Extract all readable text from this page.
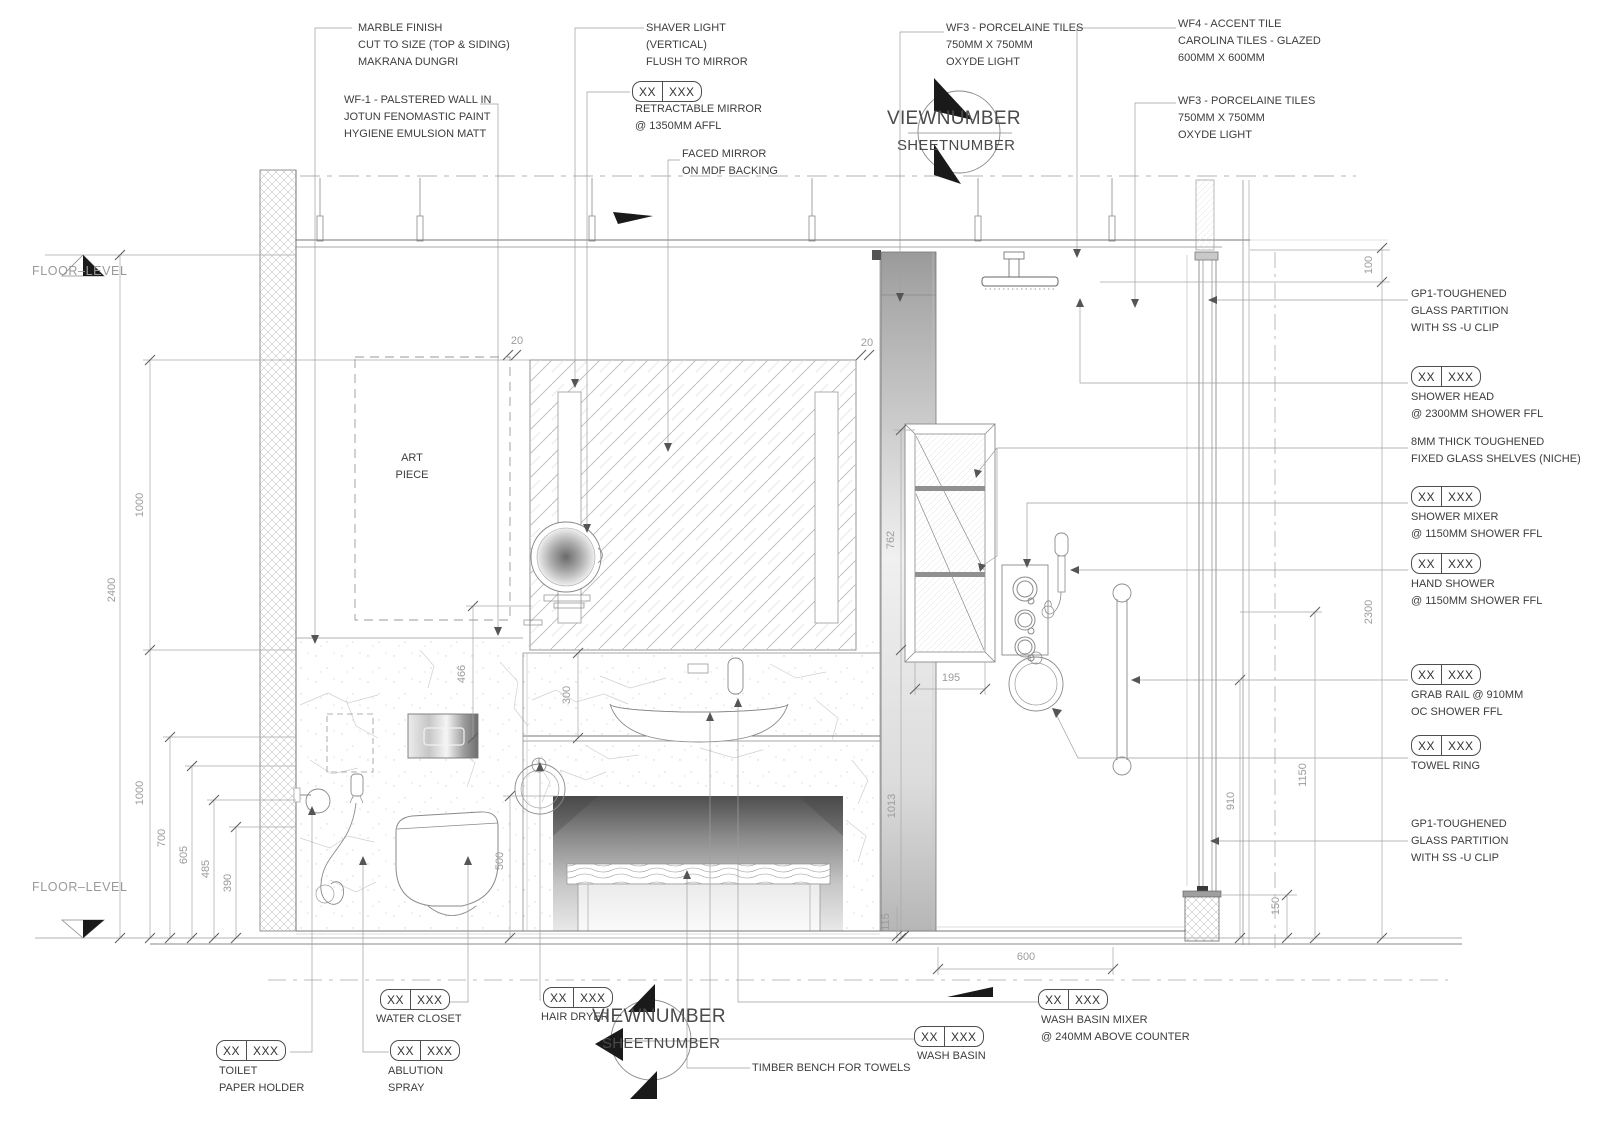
MARBLE FINISH
CUT TO SIZE (TOP & SIDING)
MAKRANA DUNGRI
WF-1 - PALSTERED WALL IN
JOTUN FENOMASTIC PAINT
HYGIENE EMULSION MATT
SHAVER LIGHT
(VERTICAL)
FLUSH TO MIRROR
XX	XXX
RETRACTABLE MIRROR
@ 1350MM AFFL
FACED MIRROR
ON MDF BACKING
WF3 - PORCELAINE TILES
750MM X 750MM
OXYDE LIGHT
WF4 - ACCENT TILE
CAROLINA TILES - GLAZED
600MM X 600MM
WF3 - PORCELAINE TILES
750MM X 750MM
OXYDE LIGHT
GP1-TOUGHENED
GLASS PARTITION
WITH SS -U CLIP
XX	XXX
SHOWER HEAD
@ 2300MM SHOWER FFL
8MM THICK TOUGHENED
FIXED GLASS SHELVES (NICHE)
XX	XXX
SHOWER MIXER
@ 1150MM SHOWER FFL
XX	XXX
HAND SHOWER
@ 1150MM SHOWER FFL
XX	XXX
GRAB RAIL @ 910MM
OC SHOWER FFL
XX	XXX
TOWEL RING
GP1-TOUGHENED
GLASS PARTITION
WITH SS -U CLIP
FLOOR–LEVEL
FLOOR–LEVEL
ART
PIECE
XX	XXX
TOILET
PAPER HOLDER
XX	XXX
WATER CLOSET
XX	XXX
ABLUTION
SPRAY
XX	XXX
HAIR DRYER
TIMBER BENCH FOR TOWELS
XX	XXX
WASH BASIN
XX	XXX
WASH BASIN MIXER
@ 240MM ABOVE COUNTER
VIEWNUMBER
SHEETNUMBER
VIEWNUMBER
SHEETNUMBER
2400
1000
1000
700
605
485
390
466
300
500
20	20
762
195
1013
115
600
100
2300
1150
910
150
